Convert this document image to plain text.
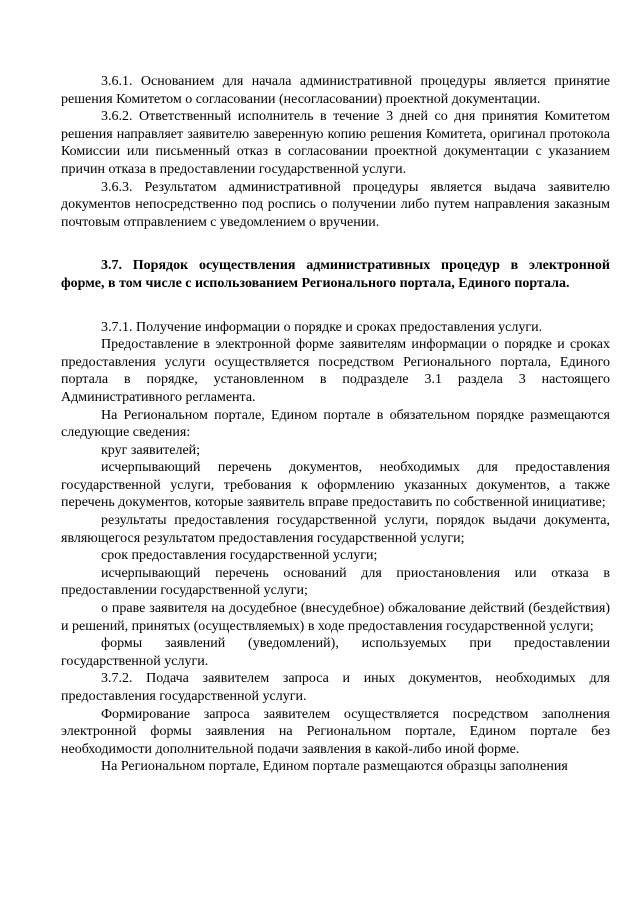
3.6.1. Основанием для начала административной процедуры является принятие решения Комитетом о согласовании (несогласовании) проектной документации.

3.6.2. Ответственный исполнитель в течение 3 дней со дня принятия Комитетом решения направляет заявителю заверенную копию решения Комитета, оригинал протокола Комиссии или письменный отказ в согласовании проектной документации с указанием причин отказа в предоставлении государственной услуги.

3.6.3. Результатом административной процедуры является выдача заявителю документов непосредственно под роспись о получении либо путем направления заказным почтовым отправлением с уведомлением о вручении.

3.7. Порядок осуществления административных процедур в электронной форме, в том числе с использованием Регионального портала, Единого портала.

3.7.1. Получение информации о порядке и сроках предоставления услуги.

Предоставление в электронной форме заявителям информации о порядке и сроках предоставления услуги осуществляется посредством Регионального портала, Единого портала в порядке, установленном в подразделе 3.1 раздела 3 настоящего Административного регламента.

На Региональном портале, Едином портале в обязательном порядке размещаются следующие сведения:

круг заявителей;

исчерпывающий перечень документов, необходимых для предоставления государственной услуги, требования к оформлению указанных документов, а также перечень документов, которые заявитель вправе предоставить по собственной инициативе;

результаты предоставления государственной услуги, порядок выдачи документа, являющегося результатом предоставления государственной услуги;

срок предоставления государственной услуги;

исчерпывающий перечень оснований для приостановления или отказа в предоставлении государственной услуги;

о праве заявителя на досудебное (внесудебное) обжалование действий (бездействия) и решений, принятых (осуществляемых) в ходе предоставления государственной услуги;

формы заявлений (уведомлений), используемых при предоставлении государственной услуги.

3.7.2. Подача заявителем запроса и иных документов, необходимых для предоставления государственной услуги.

Формирование запроса заявителем осуществляется посредством заполнения электронной формы заявления на Региональном портале, Едином портале без необходимости дополнительной подачи заявления в какой-либо иной форме.

На Региональном портале, Едином портале размещаются образцы заполнения
